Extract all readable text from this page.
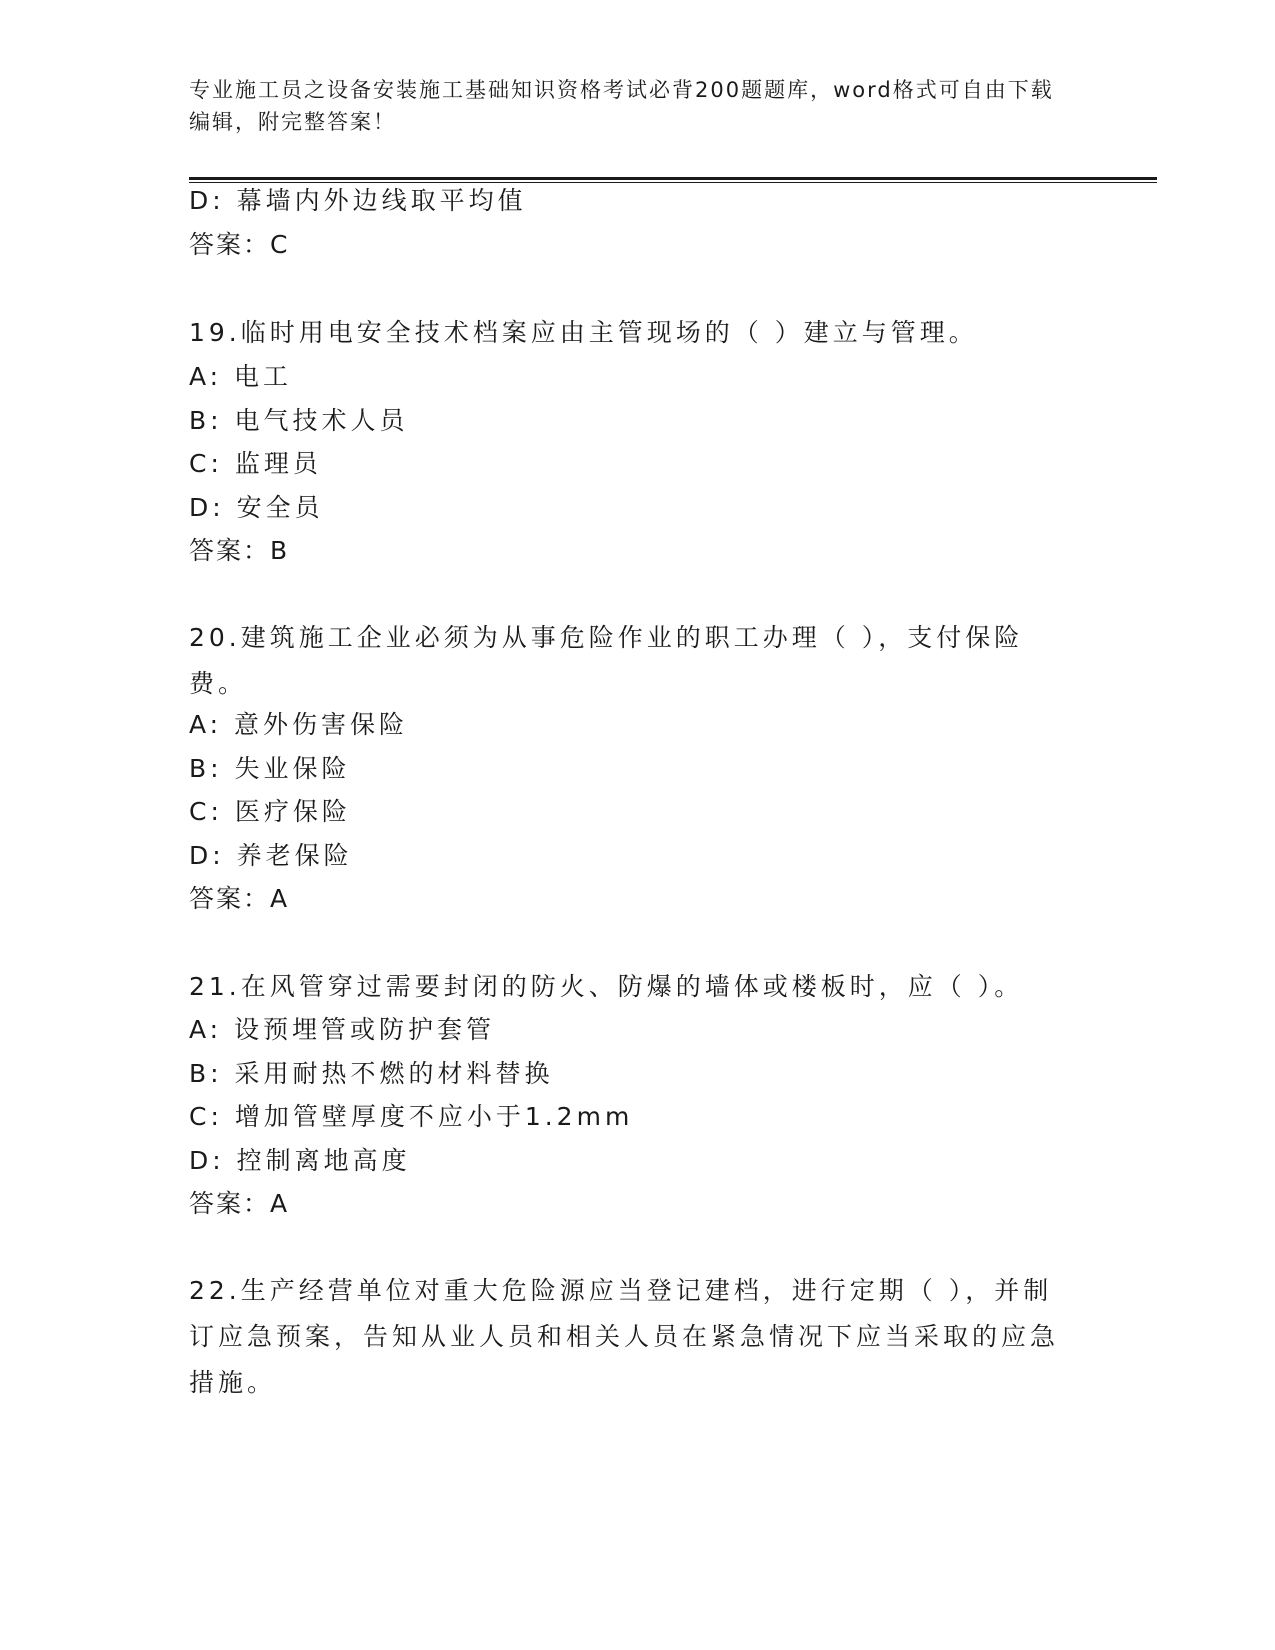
专业施工员之设备安装施工基础知识资格考试必背200题题库，word格式可自由下载编辑，附完整答案！
D: 幕墙内外边线取平均值
答案：C
19.临时用电安全技术档案应由主管现场的（ ）建立与管理。
A: 电工
B: 电气技术人员
C: 监理员
D: 安全员
答案：B
20.建筑施工企业必须为从事危险作业的职工办理（ ），支付保险费。
A: 意外伤害保险
B: 失业保险
C: 医疗保险
D: 养老保险
答案：A
21.在风管穿过需要封闭的防火、防爆的墙体或楼板时，应（ ）。
A: 设预埋管或防护套管
B: 采用耐热不燃的材料替换
C: 增加管壁厚度不应小于1.2mm
D: 控制离地高度
答案：A
22.生产经营单位对重大危险源应当登记建档，进行定期（ ），并制订应急预案，告知从业人员和相关人员在紧急情况下应当采取的应急措施。
